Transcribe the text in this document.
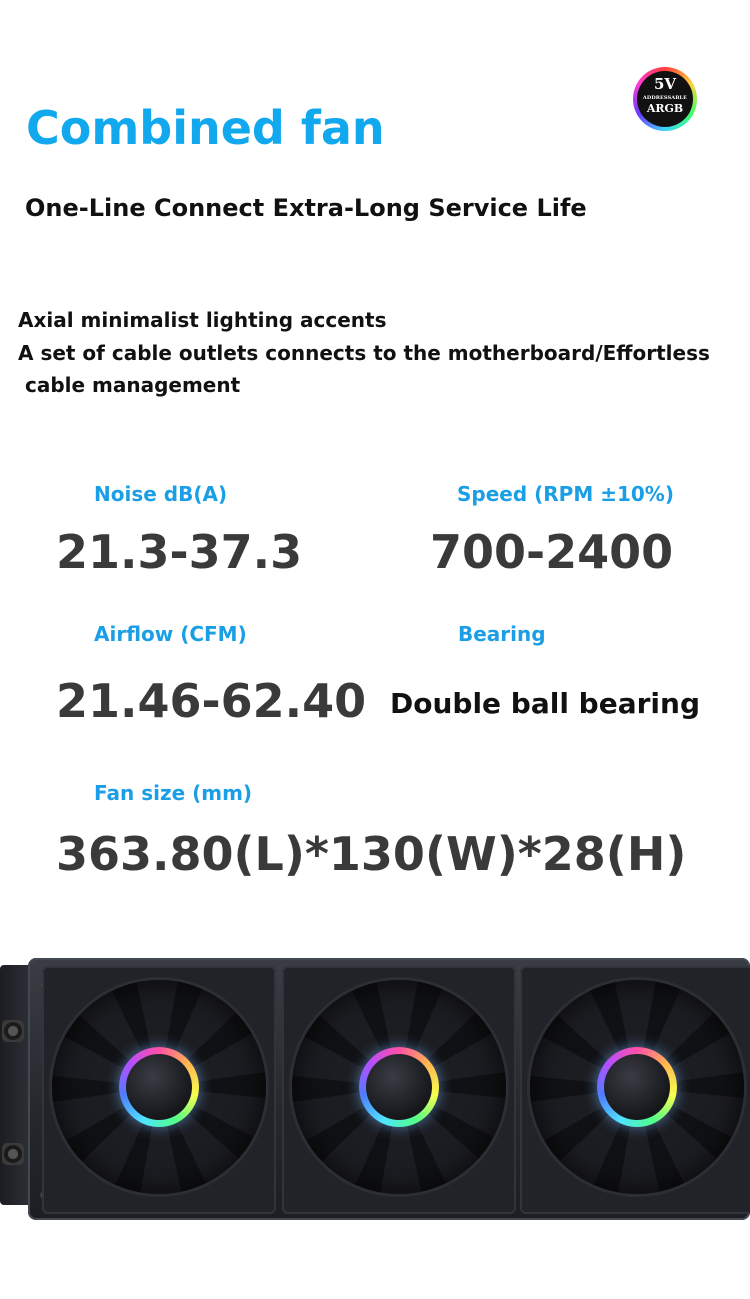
5V
ADDRESSABLE
ARGB
Combined fan
One-Line Connect Extra-Long Service Life
Axial minimalist lighting accents
A set of cable outlets connects to the motherboard/Effortless
cable management
Noise dB(A)	Speed (RPM ±10%)
21.3-37.3	700-2400
Airflow (CFM)	Bearing
21.46-62.40 Double ball bearing
Fan size (mm)
363.80(L)*130(W)*28(H)
